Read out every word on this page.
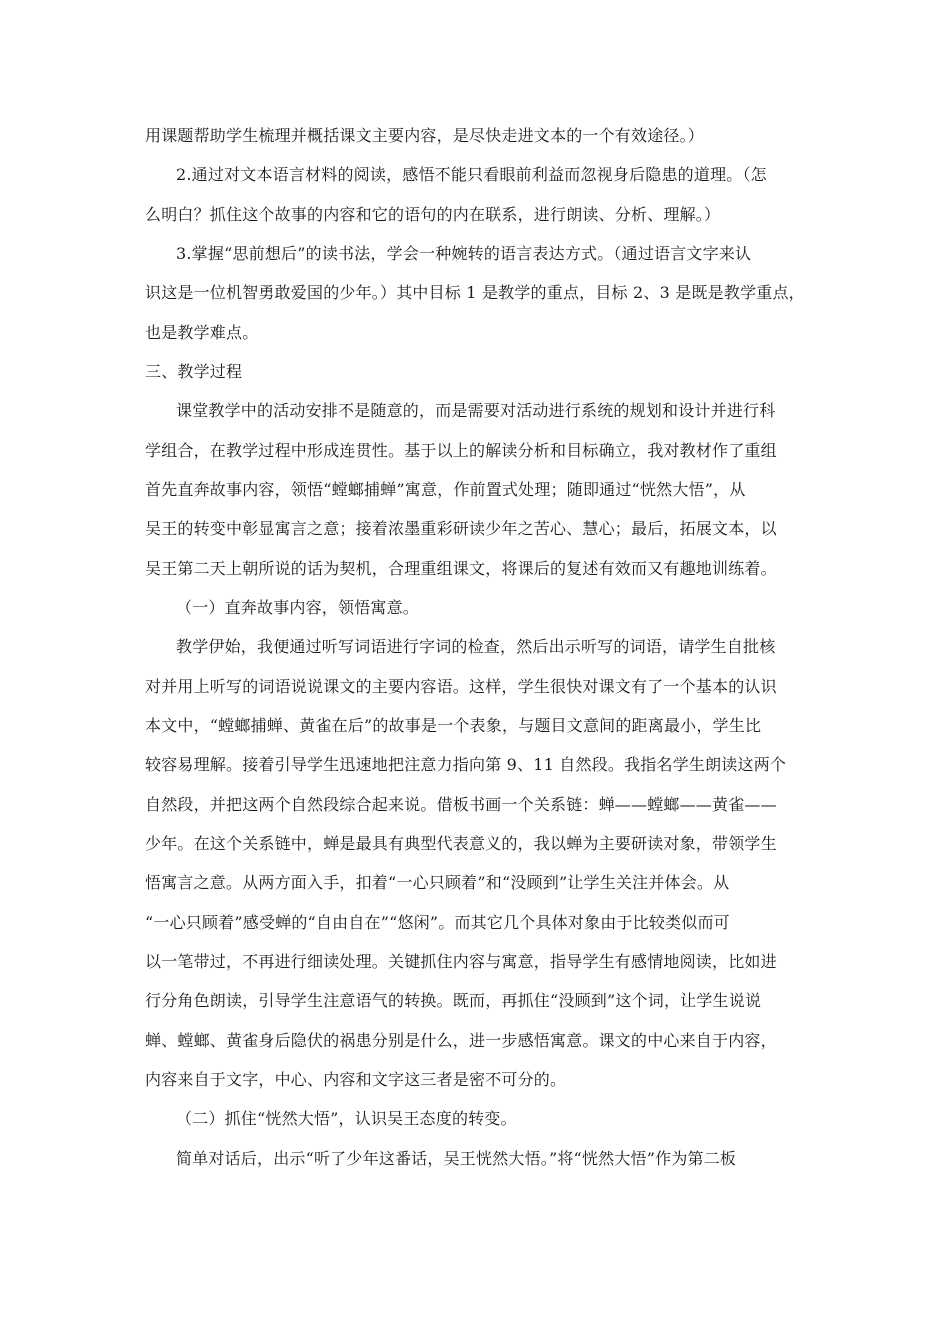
用课题帮助学生梳理并概括课文主要内容，是尽快走进文本的一个有效途径。）
2.通过对文本语言材料的阅读，感悟不能只看眼前利益而忽视身后隐患的道理。（怎
么明白？抓住这个故事的内容和它的语句的内在联系，进行朗读、分析、理解。）
3.掌握“思前想后”的读书法，学会一种婉转的语言表达方式。（通过语言文字来认
识这是一位机智勇敢爱国的少年。）其中目标 1 是教学的重点，目标 2、3 是既是教学重点，
也是教学难点。
三、教学过程
课堂教学中的活动安排不是随意的，而是需要对活动进行系统的规划和设计并进行科
学组合，在教学过程中形成连贯性。基于以上的解读分析和目标确立，我对教材作了重组
首先直奔故事内容，领悟“螳螂捕蝉”寓意，作前置式处理；随即通过“恍然大悟”，从
吴王的转变中彰显寓言之意；接着浓墨重彩研读少年之苦心、慧心；最后，拓展文本，以
吴王第二天上朝所说的话为契机，合理重组课文，将课后的复述有效而又有趣地训练着。
（一）直奔故事内容，领悟寓意。
教学伊始，我便通过听写词语进行字词的检查，然后出示听写的词语，请学生自批核
对并用上听写的词语说说课文的主要内容语。这样，学生很快对课文有了一个基本的认识
本文中，“螳螂捕蝉、黄雀在后”的故事是一个表象，与题目文意间的距离最小，学生比
较容易理解。接着引导学生迅速地把注意力指向第 9、11 自然段。我指名学生朗读这两个
自然段，并把这两个自然段综合起来说。借板书画一个关系链：蝉——螳螂——黄雀——
少年。在这个关系链中，蝉是最具有典型代表意义的，我以蝉为主要研读对象，带领学生
悟寓言之意。从两方面入手，扣着“一心只顾着”和“没顾到”让学生关注并体会。从
“一心只顾着”感受蝉的“自由自在”“悠闲”。而其它几个具体对象由于比较类似而可
以一笔带过，不再进行细读处理。关键抓住内容与寓意，指导学生有感情地阅读，比如进
行分角色朗读，引导学生注意语气的转换。既而，再抓住“没顾到”这个词，让学生说说
蝉、螳螂、黄雀身后隐伏的祸患分别是什么，进一步感悟寓意。课文的中心来自于内容，
内容来自于文字，中心、内容和文字这三者是密不可分的。
（二）抓住“恍然大悟”，认识吴王态度的转变。
简单对话后，出示“听了少年这番话，吴王恍然大悟。”将“恍然大悟”作为第二板
